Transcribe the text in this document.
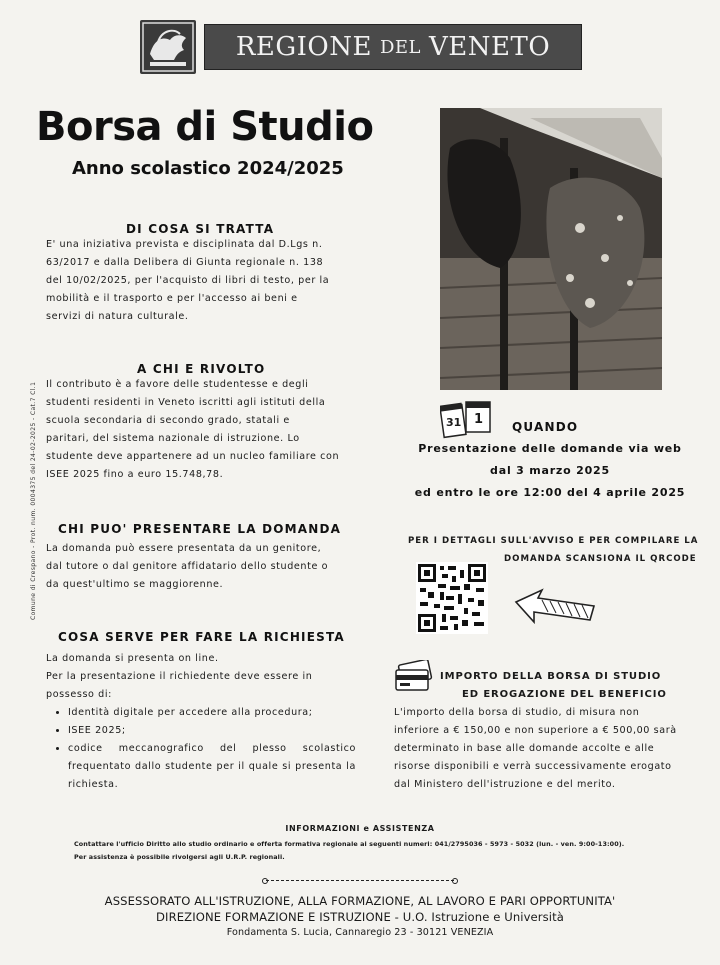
REGIONE DEL VENETO
Borsa di Studio
Anno scolastico 2024/2025
DI COSA SI TRATTA
E' una iniziativa prevista e disciplinata dal D.Lgs n.
63/2017 e dalla Delibera di Giunta regionale n. 138
del 10/02/2025, per l'acquisto di libri di testo, per la
mobilità e il trasporto e per l'accesso ai beni e
servizi di natura culturale.
A CHI E RIVOLTO
Il contributo è a favore delle studentesse e degli
studenti residenti in Veneto iscritti agli istituti della
scuola secondaria di secondo grado, statali e
paritari, del sistema nazionale di istruzione. Lo
studente deve appartenere ad un nucleo familiare con
ISEE 2025 fino a euro 15.748,78.
CHI PUO' PRESENTARE LA DOMANDA
La domanda può essere presentata da un genitore,
dal tutore o dal genitore affidatario dello studente o
da quest'ultimo se maggiorenne.
COSA SERVE PER FARE LA RICHIESTA
La domanda si presenta on line.
Per la presentazione il richiedente deve essere in
possesso di:
• Identità digitale per accedere alla procedura;
• ISEE 2025;
• codice meccanografico del plesso scolastico frequentato dallo studente per il quale si presenta la richiesta.
Comune di Crespano - Prot. num. 0004375 del 24-02-2025 - Cat.7 Cl.1	31 1 QUANDO
Presentazione delle domande via web
dal 3 marzo 2025
ed entro le ore 12:00 del 4 aprile 2025
PER I DETTAGLI SULL'AVVISO E PER COMPILARE LA
DOMANDA SCANSIONA IL QRCODE
IMPORTO DELLA BORSA DI STUDIO
ED EROGAZIONE DEL BENEFICIO
L'importo della borsa di studio, di misura non
inferiore a € 150,00 e non superiore a € 500,00 sarà
determinato in base alle domande accolte e alle
risorse disponibili e verrà successivamente erogato
dal Ministero dell'istruzione e del merito.
INFORMAZIONI e ASSISTENZA
Contattare l'ufficio Diritto allo studio ordinario e offerta formativa regionale ai seguenti numeri: 041/2795036 - 5973 - 5032 (lun. - ven. 9:00-13:00).
Per assistenza è possibile rivolgersi agli U.R.P. regionali.
ASSESSORATO ALL'ISTRUZIONE, ALLA FORMAZIONE, AL LAVORO E PARI OPPORTUNITA'
DIREZIONE FORMAZIONE E ISTRUZIONE - U.O. Istruzione e Università
Fondamenta S. Lucia, Cannaregio 23 - 30121 VENEZIA
